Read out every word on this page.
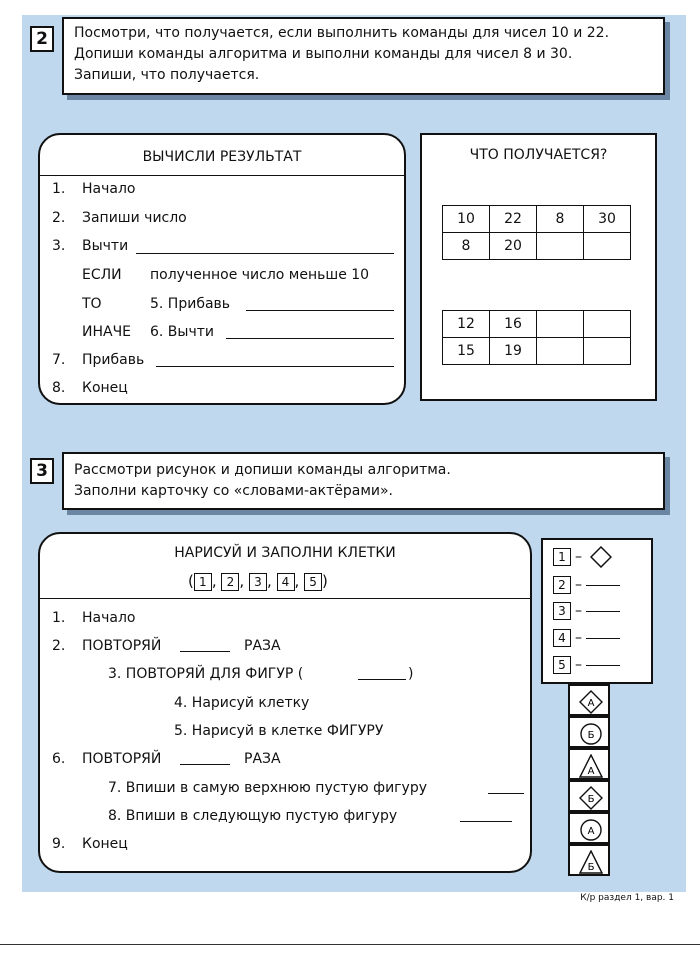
2	Посмотри, что получается, если выполнить команды для чисел 10 и 22.
Допиши команды алгоритма и выполни команды для чисел 8 и 30.
Запиши, что получается.
ВЫЧИСЛИ РЕЗУЛЬТАТ
1. Начало
2. Запиши число
3. Вычти
ЕСЛИ полученное число меньше 10
ТО	5. Прибавь
ИНАЧЕ 6. Вычти
7. Прибавь
8. Конец
ЧТО ПОЛУЧАЕТСЯ?
10	22	8	30
8	20		
12	16		
15	19		
3	Рассмотри рисунок и допиши команды алгоритма.
Заполни карточку со «словами-актёрами».
НАРИСУЙ И ЗАПОЛНИ КЛЕТКИ
( 1 , 2 , 3 , 4 , 5 )
1. Начало
2. ПОВТОРЯЙ	РАЗА
3. ПОВТОРЯЙ ДЛЯ ФИГУР (	)
4. Нарисуй клетку
5. Нарисуй в клетке ФИГУРУ
6. ПОВТОРЯЙ	РАЗА
7. Впиши в самую верхнюю пустую фигуру
8. Впиши в следующую пустую фигуру
9. Конец
1 –
2 –
3 –
4 –
5 –
А
Б
А
Б
А
Б
К/р раздел 1, вар. 1
